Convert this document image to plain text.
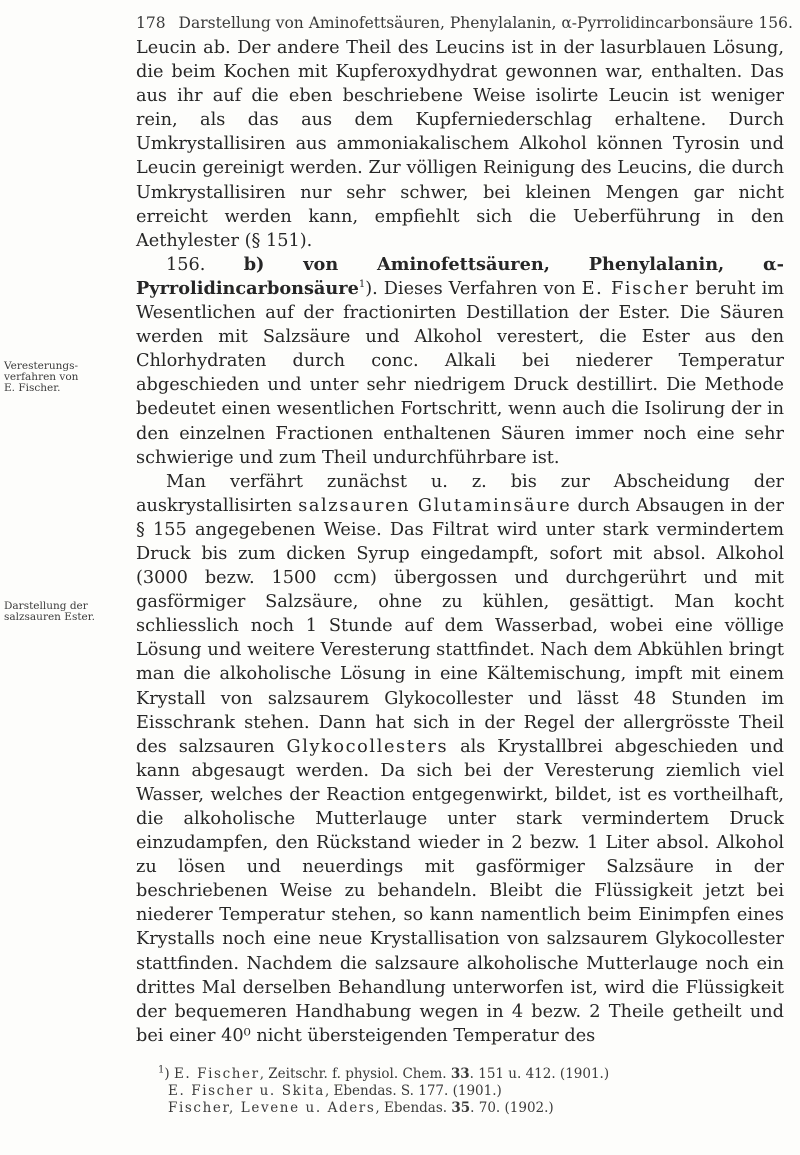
178 Darstellung von Aminofettsäuren, Phenylalanin, α-Pyrrolidincarbonsäure 156.
Veresterungs-
verfahren von
E. Fischer.
Darstellung der
salzsauren Ester.

Leucin ab. Der andere Theil des Leucins ist in der lasurblauen Lösung, die beim Kochen mit Kupferoxydhydrat gewonnen war, enthalten. Das aus ihr auf die eben beschriebene Weise isolirte Leucin ist weniger rein, als das aus dem Kupferniederschlag erhaltene. Durch Umkrystallisiren aus ammoniakalischem Alkohol können Tyrosin und Leucin gereinigt werden. Zur völligen Reinigung des Leucins, die durch Umkrystallisiren nur sehr schwer, bei kleinen Mengen gar nicht erreicht werden kann, empfiehlt sich die Ueberführung in den Aethylester (§ 151).

156. b) von Aminofettsäuren, Phenylalanin, α-Pyrrolidincarbonsäure$^1$). Dieses Verfahren von E. Fischer beruht im Wesentlichen auf der fractionirten Destillation der Ester. Die Säuren werden mit Salzsäure und Alkohol verestert, die Ester aus den Chlorhydraten durch conc. Alkali bei niederer Temperatur abgeschieden und unter sehr niedrigem Druck destillirt. Die Methode bedeutet einen wesentlichen Fortschritt, wenn auch die Isolirung der in den einzelnen Fractionen enthaltenen Säuren immer noch eine sehr schwierige und zum Theil undurchführbare ist.

Man verfährt zunächst u. z. bis zur Abscheidung der auskrystallisirten salzsauren Glutaminsäure durch Absaugen in der § 155 angegebenen Weise. Das Filtrat wird unter stark vermindertem Druck bis zum dicken Syrup eingedampft, sofort mit absol. Alkohol (3000 bezw. 1500 ccm) übergossen und durchgerührt und mit gasförmiger Salzsäure, ohne zu kühlen, gesättigt. Man kocht schliesslich noch 1 Stunde auf dem Wasserbad, wobei eine völlige Lösung und weitere Veresterung stattfindet. Nach dem Abkühlen bringt man die alkoholische Lösung in eine Kältemischung, impft mit einem Krystall von salzsaurem Glykocollester und lässt 48 Stunden im Eisschrank stehen. Dann hat sich in der Regel der allergrösste Theil des salzsauren Glykocollesters als Krystallbrei abgeschieden und kann abgesaugt werden. Da sich bei der Veresterung ziemlich viel Wasser, welches der Reaction entgegenwirkt, bildet, ist es vortheilhaft, die alkoholische Mutterlauge unter stark vermindertem Druck einzudampfen, den Rückstand wieder in 2 bezw. 1 Liter absol. Alkohol zu lösen und neuerdings mit gasförmiger Salzsäure in der beschriebenen Weise zu behandeln. Bleibt die Flüssigkeit jetzt bei niederer Temperatur stehen, so kann namentlich beim Einimpfen eines Krystalls noch eine neue Krystallisation von salzsaurem Glykocollester stattfinden. Nachdem die salzsaure alkoholische Mutterlauge noch ein drittes Mal derselben Behandlung unterworfen ist, wird die Flüssigkeit der bequemeren Handhabung wegen in 4 bezw. 2 Theile getheilt und bei einer 40⁰ nicht übersteigenden Temperatur des

$^1$) E. Fischer, Zeitschr. f. physiol. Chem. 33. 151 u. 412. (1901.)
E. Fischer u. Skita, Ebendas. S. 177. (1901.)
Fischer, Levene u. Aders, Ebendas. 35. 70. (1902.)
